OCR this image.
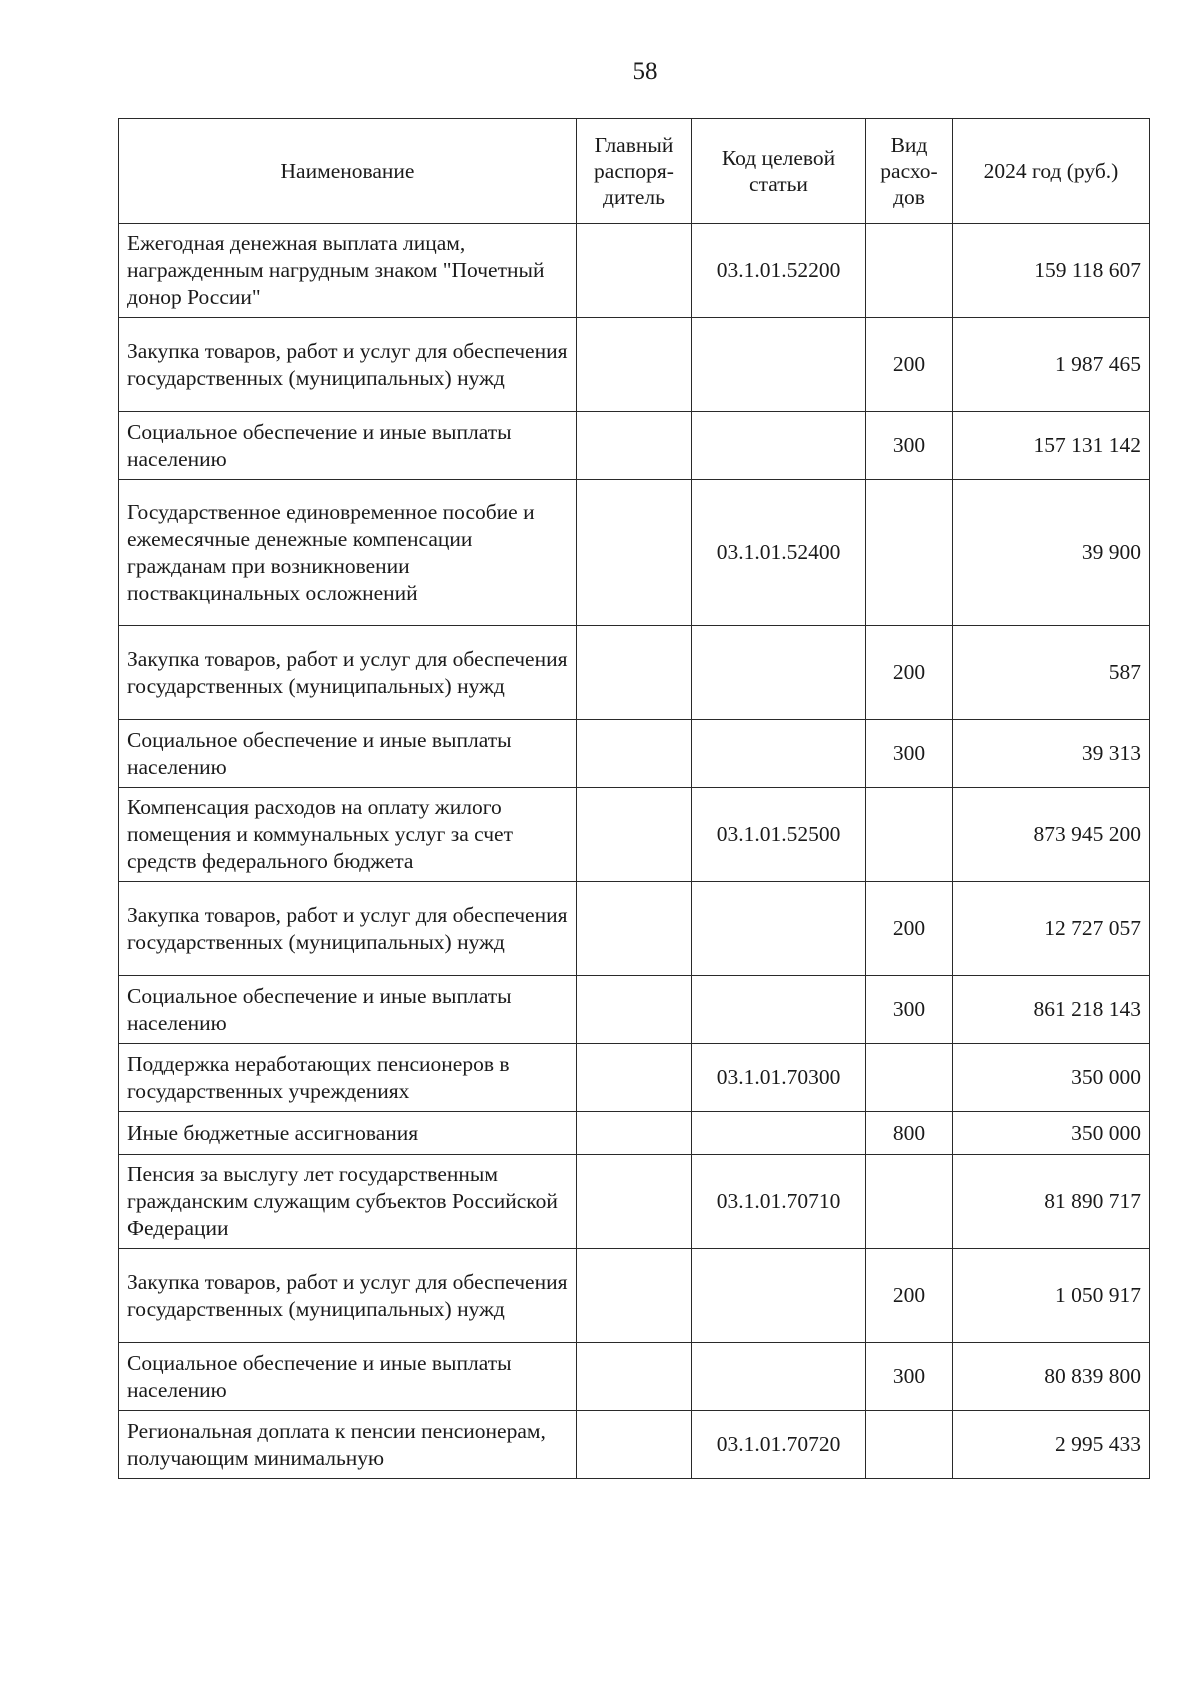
58
Наименование	Главный распоря-дитель	Код целевой статьи	Вид расхо-дов	2024 год (руб.)
Ежегодная денежная выплата лицам, награжденным нагрудным знаком "Почетный донор России"		03.1.01.52200		159 118 607
Закупка товаров, работ и услуг для обеспечения государственных (муниципальных) нужд			200	1 987 465
Социальное обеспечение и иные выплаты населению			300	157 131 142
Государственное единовременное пособие и ежемесячные денежные компенсации гражданам при возникновении поствакцинальных осложнений		03.1.01.52400		39 900
Закупка товаров, работ и услуг для обеспечения государственных (муниципальных) нужд			200	587
Социальное обеспечение и иные выплаты населению			300	39 313
Компенсация расходов на оплату жилого помещения и коммунальных услуг за счет средств федерального бюджета		03.1.01.52500		873 945 200
Закупка товаров, работ и услуг для обеспечения государственных (муниципальных) нужд			200	12 727 057
Социальное обеспечение и иные выплаты населению			300	861 218 143
Поддержка неработающих пенсионеров в государственных учреждениях		03.1.01.70300		350 000
Иные бюджетные ассигнования			800	350 000
Пенсия за выслугу лет государственным гражданским служащим субъектов Российской Федерации		03.1.01.70710		81 890 717
Закупка товаров, работ и услуг для обеспечения государственных (муниципальных) нужд			200	1 050 917
Социальное обеспечение и иные выплаты населению			300	80 839 800
Региональная доплата к пенсии пенсионерам, получающим минимальную		03.1.01.70720		2 995 433
